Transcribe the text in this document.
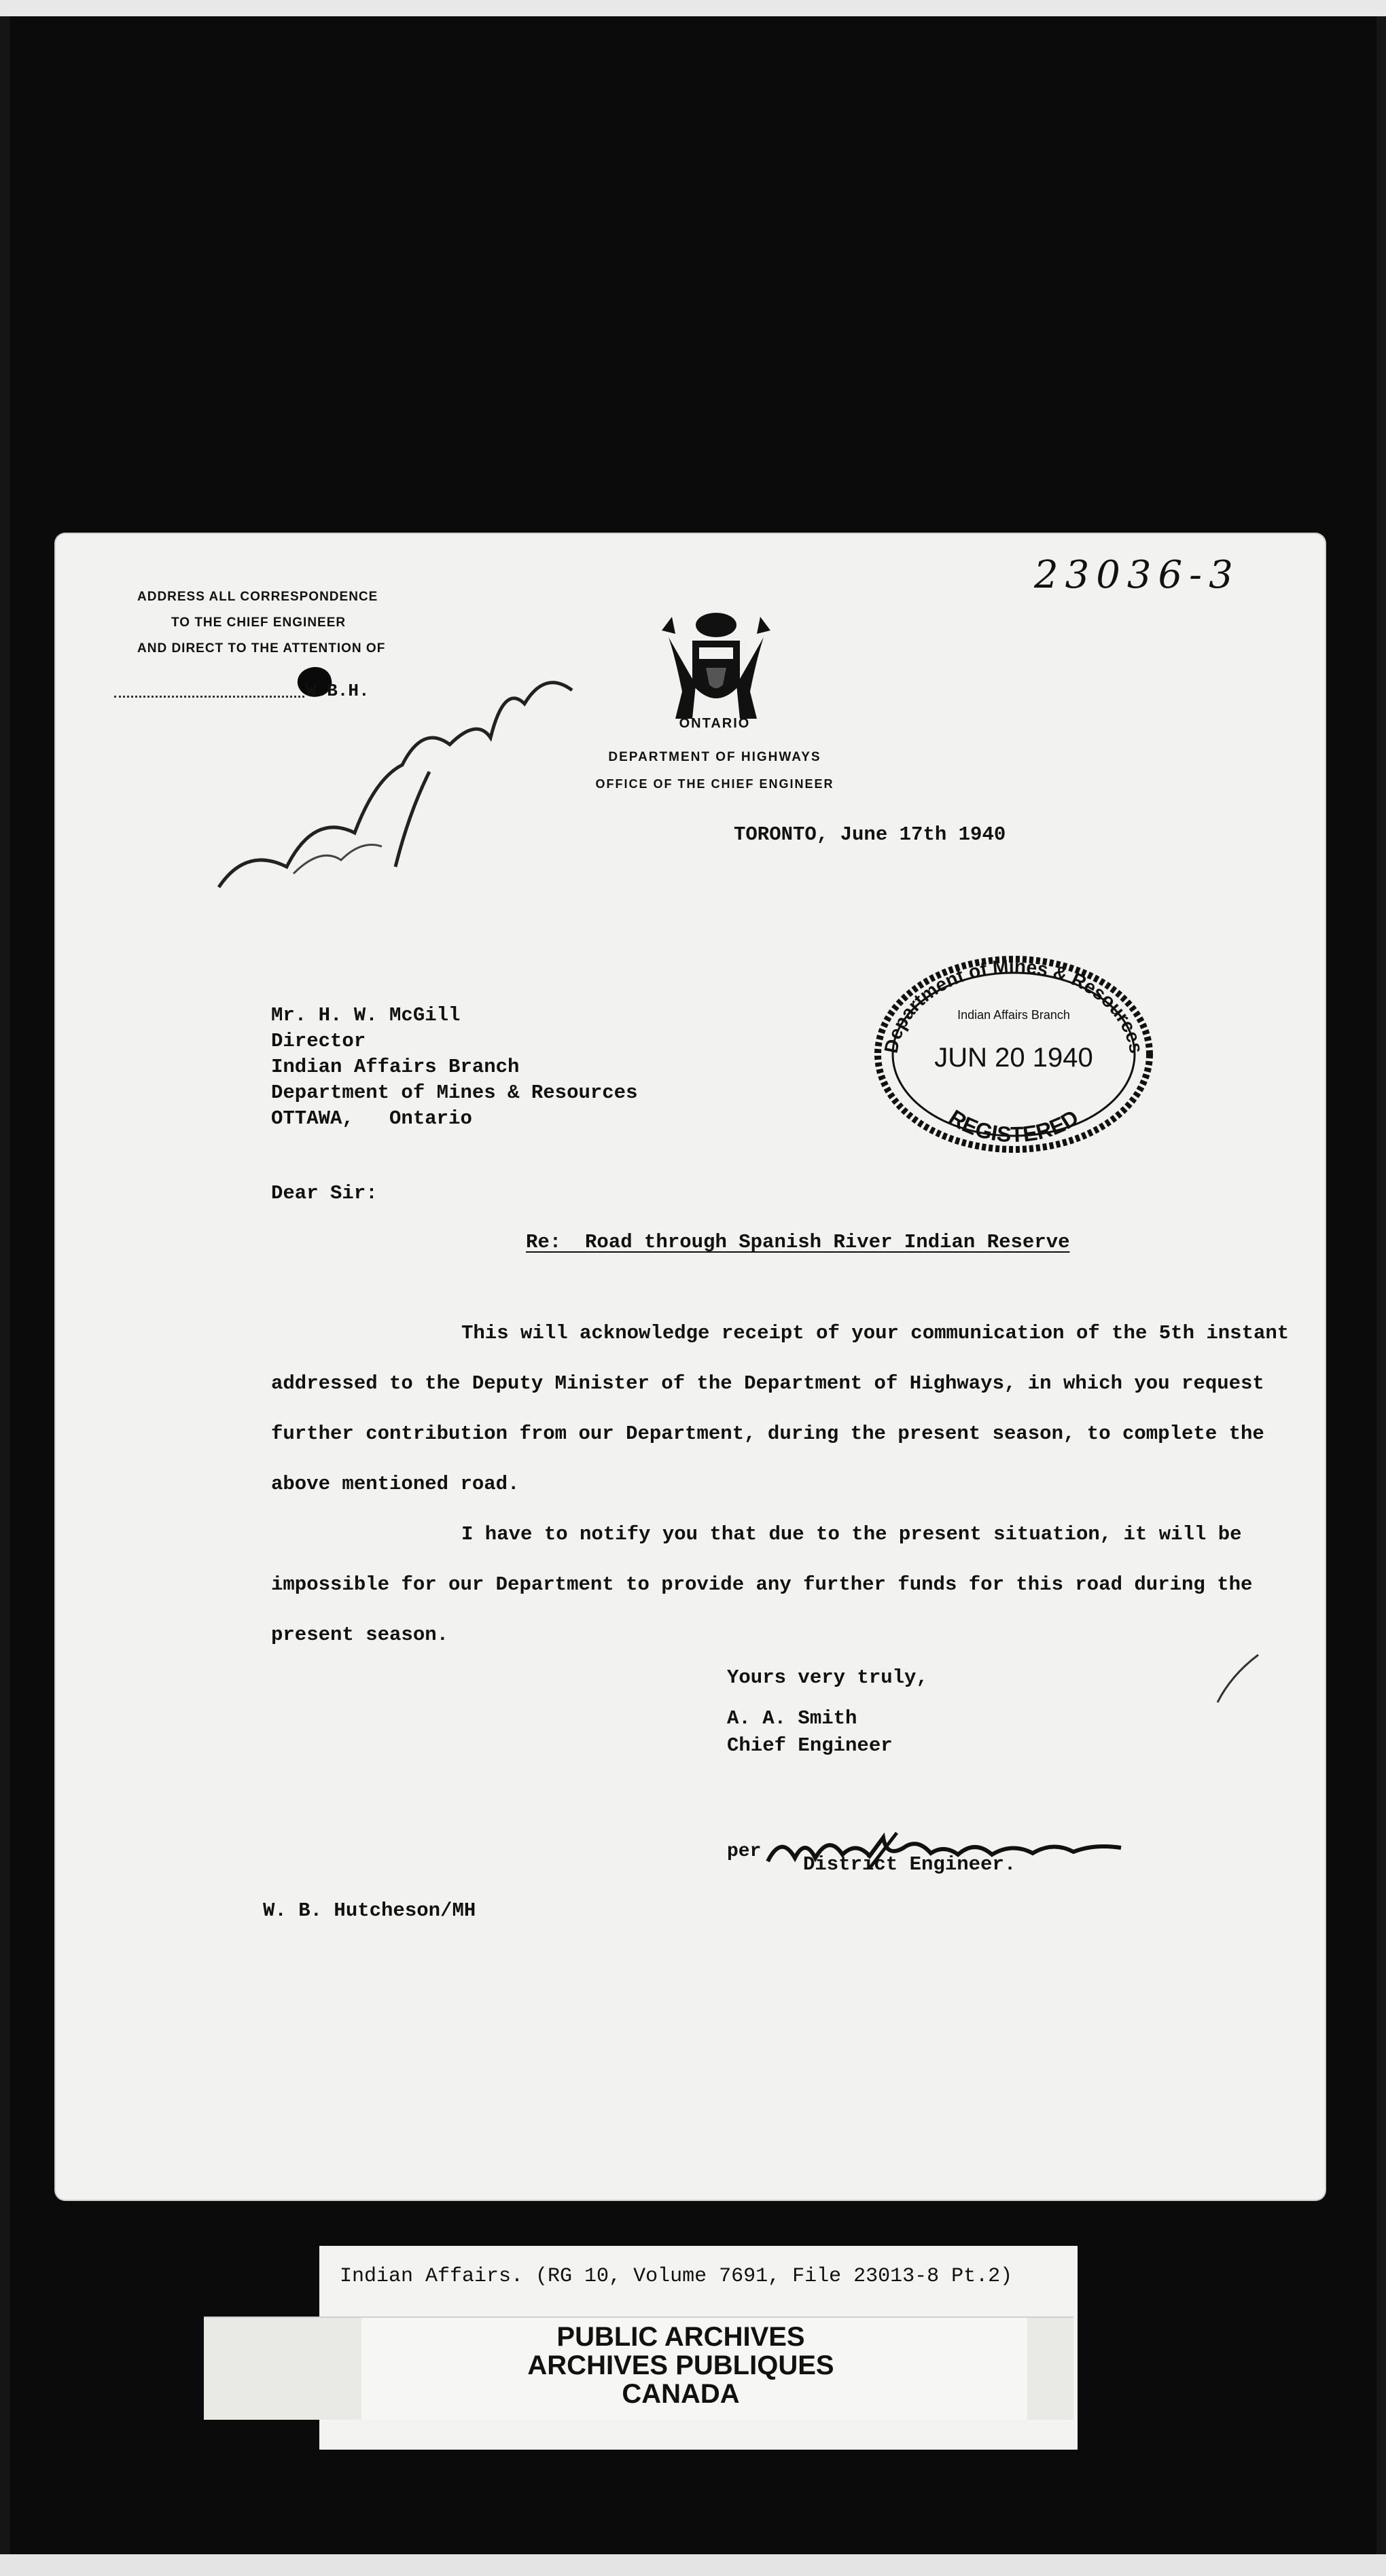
23036-3
ADDRESS ALL CORRESPONDENCE
TO THE CHIEF ENGINEER
AND DIRECT TO THE ATTENTION OF
W.B.H.
ONTARIO
DEPARTMENT OF HIGHWAYS
OFFICE OF THE CHIEF ENGINEER
TORONTO, June 17th 1940
Department of Mines & Resources
Indian Affairs Branch
JUN 20 1940
REGISTERED
Mr. H. W. McGill
Director
Indian Affairs Branch
Department of Mines & Resources
OTTAWA,   Ontario
Dear Sir:
Re:  Road through Spanish River Indian Reserve
This will acknowledge receipt of your communication of the 5th instant addressed to the Deputy Minister of the Department of Highways, in which you request further contribution from our Department, during the present season, to complete the above mentioned road.
I have to notify you that due to the present situation, it will be impossible for our Department to provide any further funds for this road during the present season.
Yours very truly,
A. A. Smith
Chief Engineer
per
District Engineer.
W. B. Hutcheson/MH
Indian Affairs. (RG 10, Volume 7691, File 23013-8 Pt.2)
PUBLIC ARCHIVES
ARCHIVES PUBLIQUES
CANADA
